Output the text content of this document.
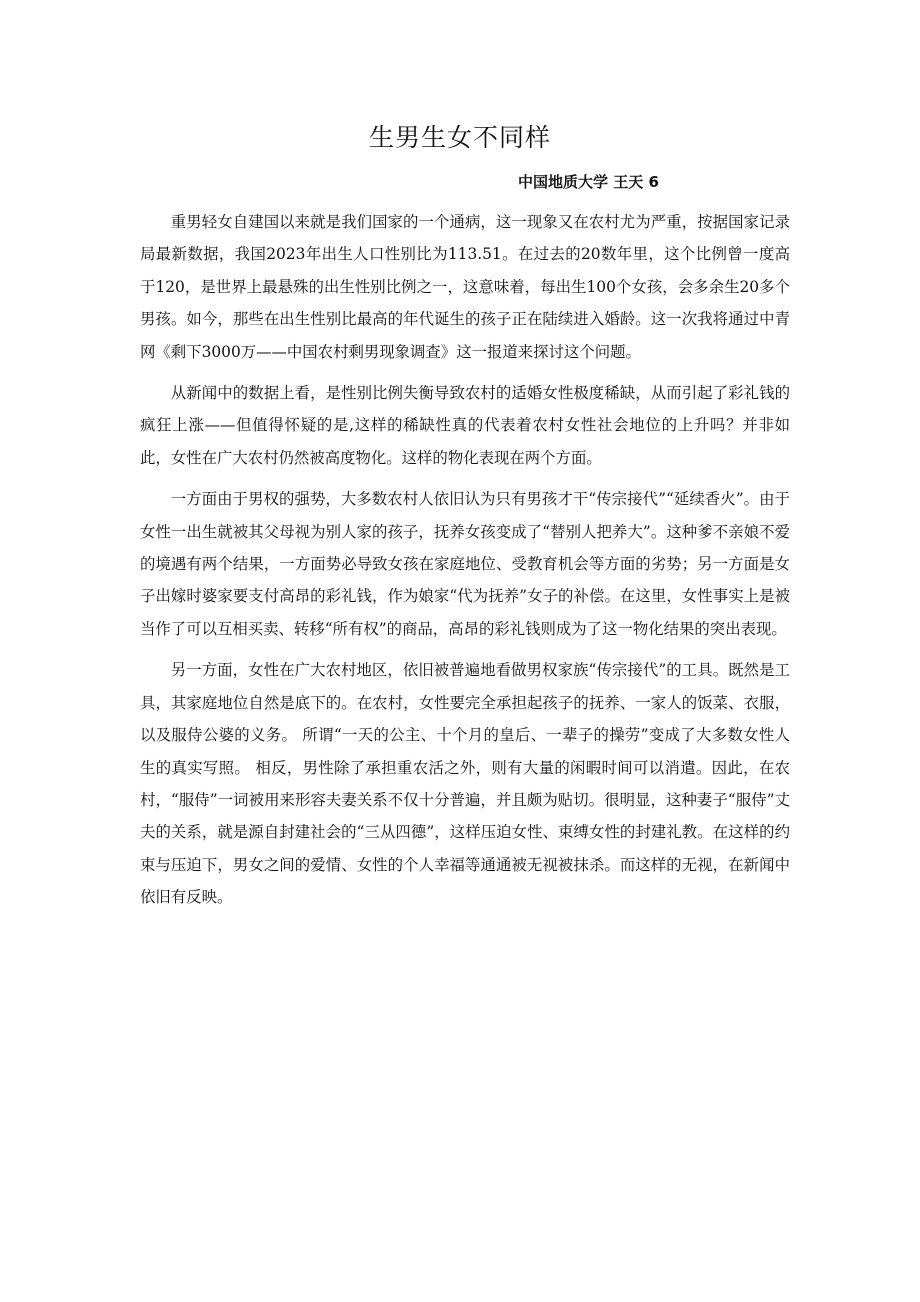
生男生女不同样
中国地质大学 王天 6

重男轻女自建国以来就是我们国家的一个通病，这一现象又在农村尤为严重，按据国家记录局最新数据，我国2023年出生人口性别比为113.51。在过去的20数年里，这个比例曾一度高于120，是世界上最悬殊的出生性别比例之一，这意味着，每出生100个女孩，会多余生20多个男孩。如今，那些在出生性别比最高的年代诞生的孩子正在陆续进入婚龄。这一次我将通过中青网《剩下3000万——中国农村剩男现象调查》这一报道来探讨这个问题。

从新闻中的数据上看，是性别比例失衡导致农村的适婚女性极度稀缺，从而引起了彩礼钱的疯狂上涨——但值得怀疑的是,这样的稀缺性真的代表着农村女性社会地位的上升吗？并非如此，女性在广大农村仍然被高度物化。这样的物化表现在两个方面。

一方面由于男权的强势，大多数农村人依旧认为只有男孩才干“传宗接代”“延续香火”。由于女性一出生就被其父母视为别人家的孩子，抚养女孩变成了“替别人把养大”。这种爹不亲娘不爱的境遇有两个结果，一方面势必导致女孩在家庭地位、受教育机会等方面的劣势；另一方面是女子出嫁时婆家要支付高昂的彩礼钱，作为娘家“代为抚养”女子的补偿。在这里，女性事实上是被当作了可以互相买卖、转移“所有权”的商品，高昂的彩礼钱则成为了这一物化结果的突出表现。

另一方面，女性在广大农村地区，依旧被普遍地看做男权家族“传宗接代”的工具。既然是工具，其家庭地位自然是底下的。在农村，女性要完全承担起孩子的抚养、一家人的饭菜、衣服，以及服侍公婆的义务。 所谓“一天的公主、十个月的皇后、一辈子的操劳”变成了大多数女性人生的真实写照。 相反，男性除了承担重农活之外，则有大量的闲暇时间可以消遣。因此，在农村，“服侍”一词被用来形容夫妻关系不仅十分普遍，并且颇为贴切。很明显，这种妻子“服侍”丈夫的关系，就是源自封建社会的“三从四德”，这样压迫女性、束缚女性的封建礼教。在这样的约束与压迫下，男女之间的爱情、女性的个人幸福等通通被无视被抹杀。而这样的无视，在新闻中依旧有反映。
